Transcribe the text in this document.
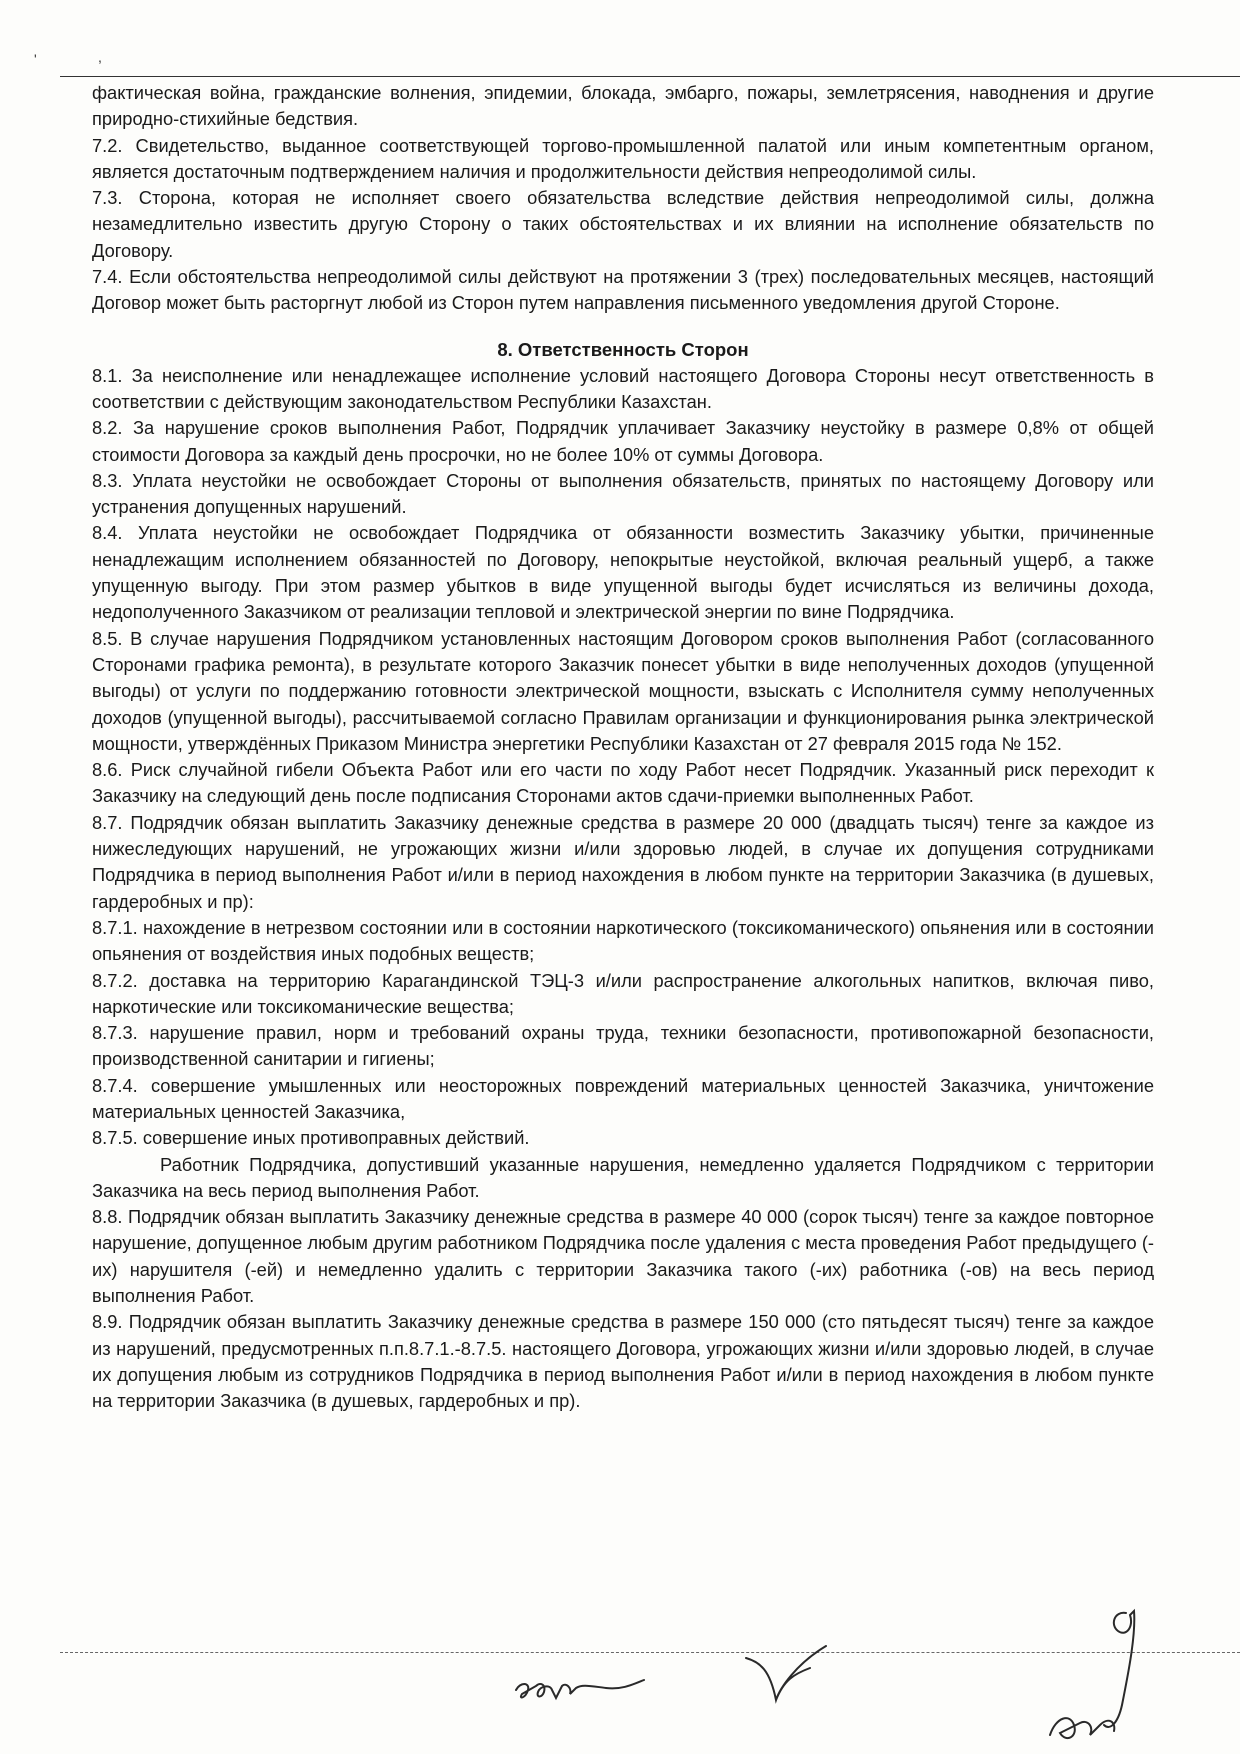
'	,

фактическая война, гражданские волнения, эпидемии, блокада, эмбарго, пожары, землетрясения, наводнения и другие природно-стихийные бедствия.

7.2. Свидетельство, выданное соответствующей торгово-промышленной палатой или иным компетентным органом, является достаточным подтверждением наличия и продолжительности действия непреодолимой силы.

7.3. Сторона, которая не исполняет своего обязательства вследствие действия непреодолимой силы, должна незамедлительно известить другую Сторону о таких обстоятельствах и их влиянии на исполнение обязательств по Договору.

7.4. Если обстоятельства непреодолимой силы действуют на протяжении 3 (трех) последовательных месяцев, настоящий Договор может быть расторгнут любой из Сторон путем направления письменного уведомления другой Стороне.

8. Ответственность Сторон

8.1. За неисполнение или ненадлежащее исполнение условий настоящего Договора Стороны несут ответственность в соответствии с действующим законодательством Республики Казахстан.

8.2. За нарушение сроков выполнения Работ, Подрядчик уплачивает Заказчику неустойку в размере 0,8% от общей стоимости Договора за каждый день просрочки, но не более 10% от суммы Договора.

8.3. Уплата неустойки не освобождает Стороны от выполнения обязательств, принятых по настоящему Договору или устранения допущенных нарушений.

8.4. Уплата неустойки не освобождает Подрядчика от обязанности возместить Заказчику убытки, причиненные ненадлежащим исполнением обязанностей по Договору, непокрытые неустойкой, включая реальный ущерб, а также упущенную выгоду. При этом размер убытков в виде упущенной выгоды будет исчисляться из величины дохода, недополученного Заказчиком от реализации тепловой и электрической энергии по вине Подрядчика.

8.5. В случае нарушения Подрядчиком установленных настоящим Договором сроков выполнения Работ (согласованного Сторонами графика ремонта), в результате которого Заказчик понесет убытки в виде неполученных доходов (упущенной выгоды) от услуги по поддержанию готовности электрической мощности, взыскать с Исполнителя сумму неполученных доходов (упущенной выгоды), рассчитываемой согласно Правилам организации и функционирования рынка электрической мощности, утверждённых Приказом Министра энергетики Республики Казахстан от 27 февраля 2015 года № 152.

8.6. Риск случайной гибели Объекта Работ или его части по ходу Работ несет Подрядчик. Указанный риск переходит к Заказчику на следующий день после подписания Сторонами актов сдачи-приемки выполненных Работ.

8.7. Подрядчик обязан выплатить Заказчику денежные средства в размере 20 000 (двадцать тысяч) тенге за каждое из нижеследующих нарушений, не угрожающих жизни и/или здоровью людей, в случае их допущения сотрудниками Подрядчика в период выполнения Работ и/или в период нахождения в любом пункте на территории Заказчика (в душевых, гардеробных и пр):

8.7.1. нахождение в нетрезвом состоянии или в состоянии наркотического (токсикоманического) опьянения или в состоянии опьянения от воздействия иных подобных веществ;

8.7.2. доставка на территорию Карагандинской ТЭЦ-3 и/или распространение алкогольных напитков, включая пиво, наркотические или токсикоманические вещества;

8.7.3. нарушение правил, норм и требований охраны труда, техники безопасности, противопожарной безопасности, производственной санитарии и гигиены;

8.7.4. совершение умышленных или неосторожных повреждений материальных ценностей Заказчика, уничтожение материальных ценностей Заказчика,

8.7.5. совершение иных противоправных действий.

Работник Подрядчика, допустивший указанные нарушения, немедленно удаляется Подрядчиком с территории Заказчика на весь период выполнения Работ.

8.8. Подрядчик обязан выплатить Заказчику денежные средства в размере 40 000 (сорок тысяч) тенге за каждое повторное нарушение, допущенное любым другим работником Подрядчика после удаления с места проведения Работ предыдущего (-их) нарушителя (-ей) и немедленно удалить с территории Заказчика такого (-их) работника (-ов) на весь период выполнения Работ.

8.9. Подрядчик обязан выплатить Заказчику денежные средства в размере 150 000 (сто пятьдесят тысяч) тенге за каждое из нарушений, предусмотренных п.п.8.7.1.-8.7.5. настоящего Договора, угрожающих жизни и/или здоровью людей, в случае их допущения любым из сотрудников Подрядчика в период выполнения Работ и/или в период нахождения в любом пункте на территории Заказчика (в душевых, гардеробных и пр).
